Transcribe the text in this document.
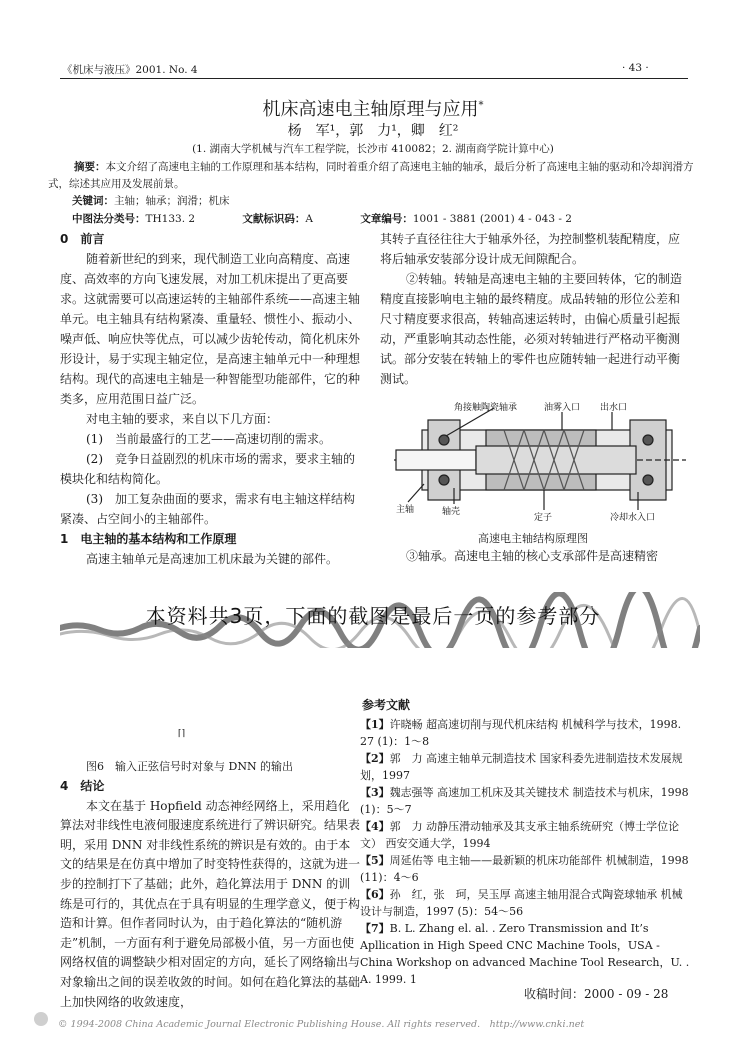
《机床与液压》2001. No. 4	· 43 ·
机床高速电主轴原理与应用*
杨　军¹，郭　力¹，卿　红²
(1. 湖南大学机械与汽车工程学院，长沙市 410082；2. 湖南商学院计算中心)
摘要：本文介绍了高速电主轴的工作原理和基本结构，同时着重介绍了高速电主轴的轴承，最后分析了高速电主轴的驱动和冷却润滑方式，综述其应用及发展前景。
关键词：主轴；轴承；润滑；机床
中图法分类号：TH133. 2	文献标识码：A	文章编号：1001 - 3881 (2001) 4 - 043 - 2
0　前言

随着新世纪的到来，现代制造工业向高精度、高速度、高效率的方向飞速发展，对加工机床提出了更高要求。这就需要可以高速运转的主轴部件系统——高速主轴单元。电主轴具有结构紧凑、重量轻、惯性小、振动小、噪声低、响应快等优点，可以减少齿轮传动，简化机床外形设计，易于实现主轴定位，是高速主轴单元中一种理想结构。现代的高速电主轴是一种智能型功能部件，它的种类多，应用范围日益广泛。

对电主轴的要求，来自以下几方面：

(1)　当前最盛行的工艺——高速切削的需求。

(2)　竞争日益剧烈的机床市场的需求，要求主轴的模块化和结构简化。

(3)　加工复杂曲面的要求，需求有电主轴这样结构紧凑、占空间小的主轴部件。

1　电主轴的基本结构和工作原理

高速主轴单元是高速加工机床最为关键的部件。

其转子直径往往大于轴承外径，为控制整机装配精度，应将后轴承安装部分设计成无间隙配合。

②转轴。转轴是高速电主轴的主要回转体，它的制造精度直接影响电主轴的最终精度。成品转轴的形位公差和尺寸精度要求很高，转轴高速运转时，由偏心质量引起振动，严重影响其动态性能，必须对转轴进行严格动平衡测试。部分安装在转轴上的零件也应随转轴一起进行动平衡测试。

角接触陶瓷轴承	油雾入口 出水口
主轴	轴壳
定子	冷却水入口
高速电主轴结构原理图

③轴承。高速电主轴的核心支承部件是高速精密

本资料共3页，下面的截图是最后一页的参考部分
⌈⌉
图6　输入正弦信号时对象与 DNN 的输出
4　结论

本文在基于 Hopfield 动态神经网络上，采用趋化算法对非线性电液伺服速度系统进行了辨识研究。结果表明，采用 DNN 对非线性系统的辨识是有效的。由于本文的结果是在仿真中增加了时变特性获得的，这就为进一步的控制打下了基础；此外，趋化算法用于 DNN 的训练是可行的，其优点在于具有明显的生理学意义，便于构造和计算。但作者同时认为，由于趋化算法的“随机游走”机制，一方面有利于避免局部极小值，另一方面也使网络权值的调整缺少相对固定的方向，延长了网络输出与对象输出之间的误差收敛的时间。如何在趋化算法的基础上加快网络的收敛速度，

参考文献
【1】许晓畅 超高速切削与现代机床结构 机械科学与技术，1998. 27 (1)：1～8
【2】郭　力 高速主轴单元制造技术 国家科委先进制造技术发展规划，1997
【3】魏志强等 高速加工机床及其关键技术 制造技术与机床，1998 (1)：5～7
【4】郭　力 动静压滑动轴承及其支承主轴系统研究（博士学位论文） 西安交通大学，1994
【5】周延佑等 电主轴——最新颖的机床功能部件 机械制造，1998 (11)：4～6
【6】孙　红，张　珂，吴玉厚 高速主轴用混合式陶瓷球轴承 机械设计与制造，1997 (5)：54～56
【7】B. L. Zhang el. al. . Zero Transmission and It’s Apllication in High Speed CNC Machine Tools，USA - China Workshop on advanced Machine Tool Research，U. . A. 1999. 1
收稿时间：2000 - 09 - 28
© 1994-2008 China Academic Journal Electronic Publishing House. All rights reserved.　http://www.cnki.net
